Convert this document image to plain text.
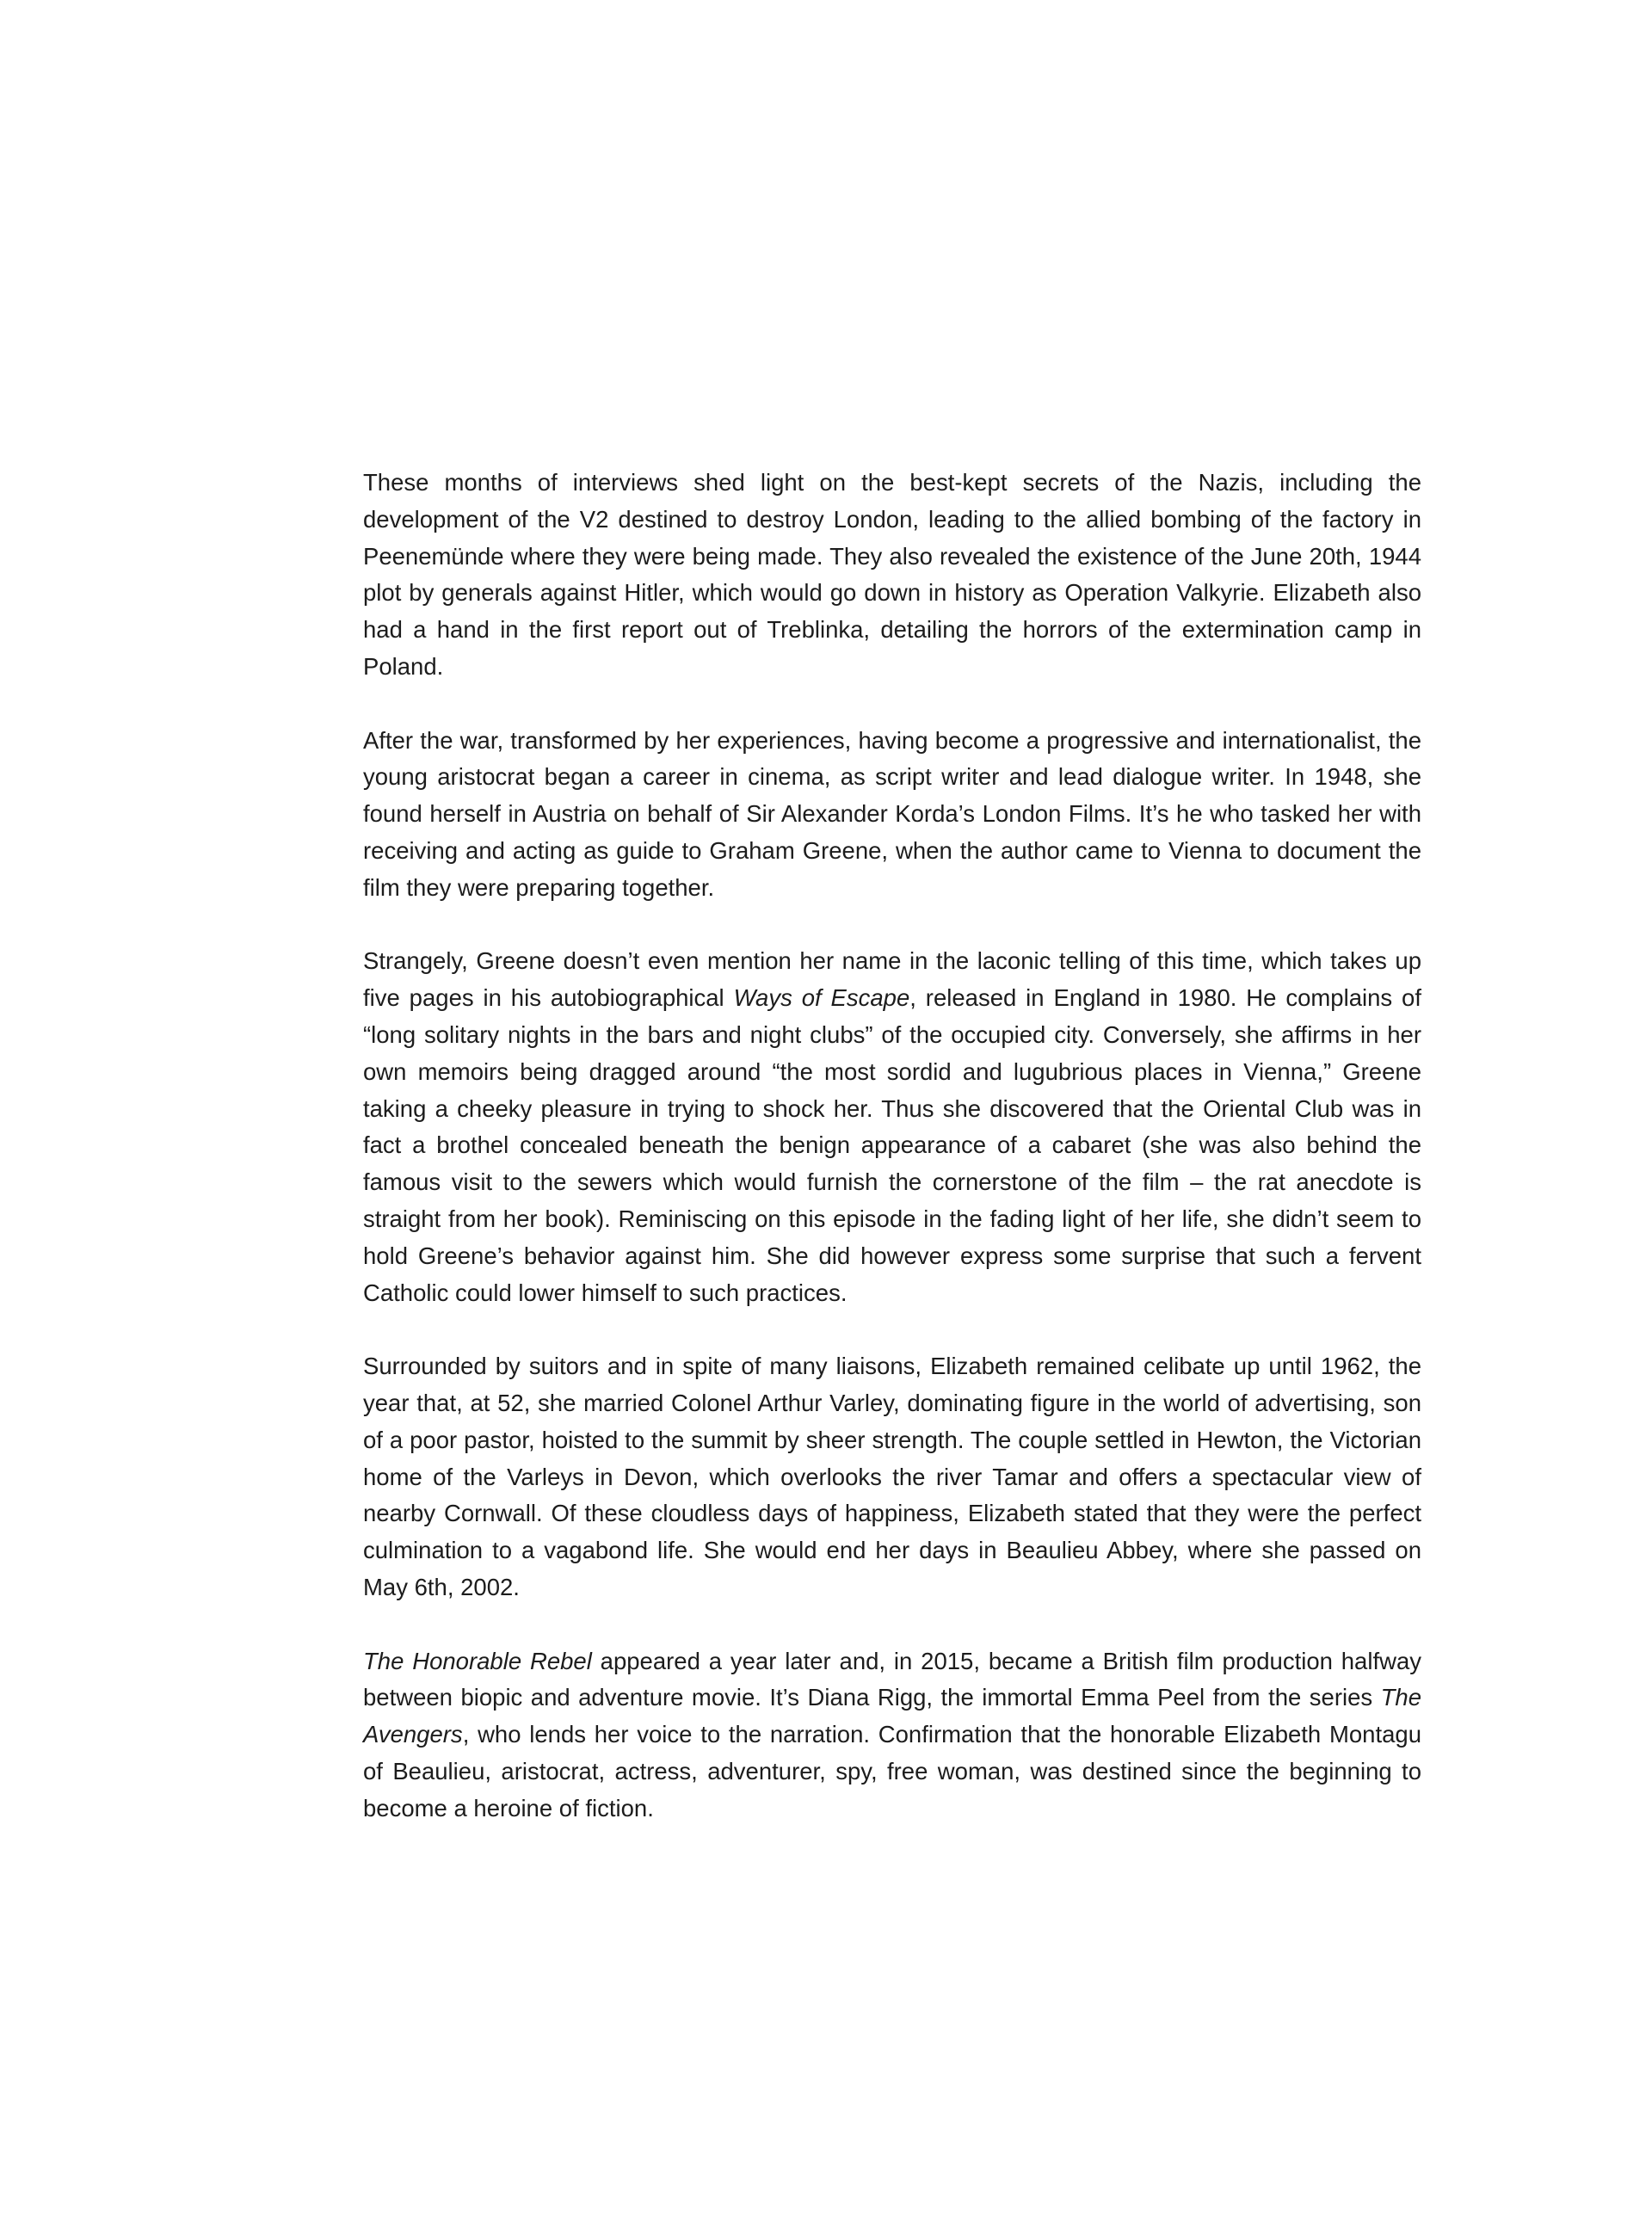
These months of interviews shed light on the best-kept secrets of the Nazis, including the development of the V2 destined to destroy London, leading to the allied bombing of the factory in Peenemünde where they were being made. They also revealed the existence of the June 20th, 1944 plot by generals against Hitler, which would go down in history as Operation Valkyrie. Elizabeth also had a hand in the first report out of Treblinka, detailing the horrors of the extermination camp in Poland.

After the war, transformed by her experiences, having become a progressive and internationalist, the young aristocrat began a career in cinema, as script writer and lead dialogue writer. In 1948, she found herself in Austria on behalf of Sir Alexander Korda’s London Films. It’s he who tasked her with receiving and acting as guide to Graham Greene, when the author came to Vienna to document the film they were preparing together.

Strangely, Greene doesn’t even mention her name in the laconic telling of this time, which takes up five pages in his autobiographical Ways of Escape, released in England in 1980. He complains of “long solitary nights in the bars and night clubs” of the occupied city. Conversely, she affirms in her own memoirs being dragged around “the most sordid and lugubrious places in Vienna,” Greene taking a cheeky pleasure in trying to shock her. Thus she discovered that the Oriental Club was in fact a brothel concealed beneath the benign appearance of a cabaret (she was also behind the famous visit to the sewers which would furnish the cornerstone of the film – the rat anecdote is straight from her book). Reminiscing on this episode in the fading light of her life, she didn’t seem to hold Greene’s behavior against him. She did however express some surprise that such a fervent Catholic could lower himself to such practices.

Surrounded by suitors and in spite of many liaisons, Elizabeth remained celibate up until 1962, the year that, at 52, she married Colonel Arthur Varley, dominating figure in the world of advertising, son of a poor pastor, hoisted to the summit by sheer strength. The couple settled in Hewton, the Victorian home of the Varleys in Devon, which overlooks the river Tamar and offers a spectacular view of nearby Cornwall. Of these cloudless days of happiness, Elizabeth stated that they were the perfect culmination to a vagabond life. She would end her days in Beaulieu Abbey, where she passed on May 6th, 2002.

The Honorable Rebel appeared a year later and, in 2015, became a British film production halfway between biopic and adventure movie. It’s Diana Rigg, the immortal Emma Peel from the series The Avengers, who lends her voice to the narration. Confirmation that the honorable Elizabeth Montagu of Beaulieu, aristocrat, actress, adventurer, spy, free woman, was destined since the beginning to become a heroine of fiction.
